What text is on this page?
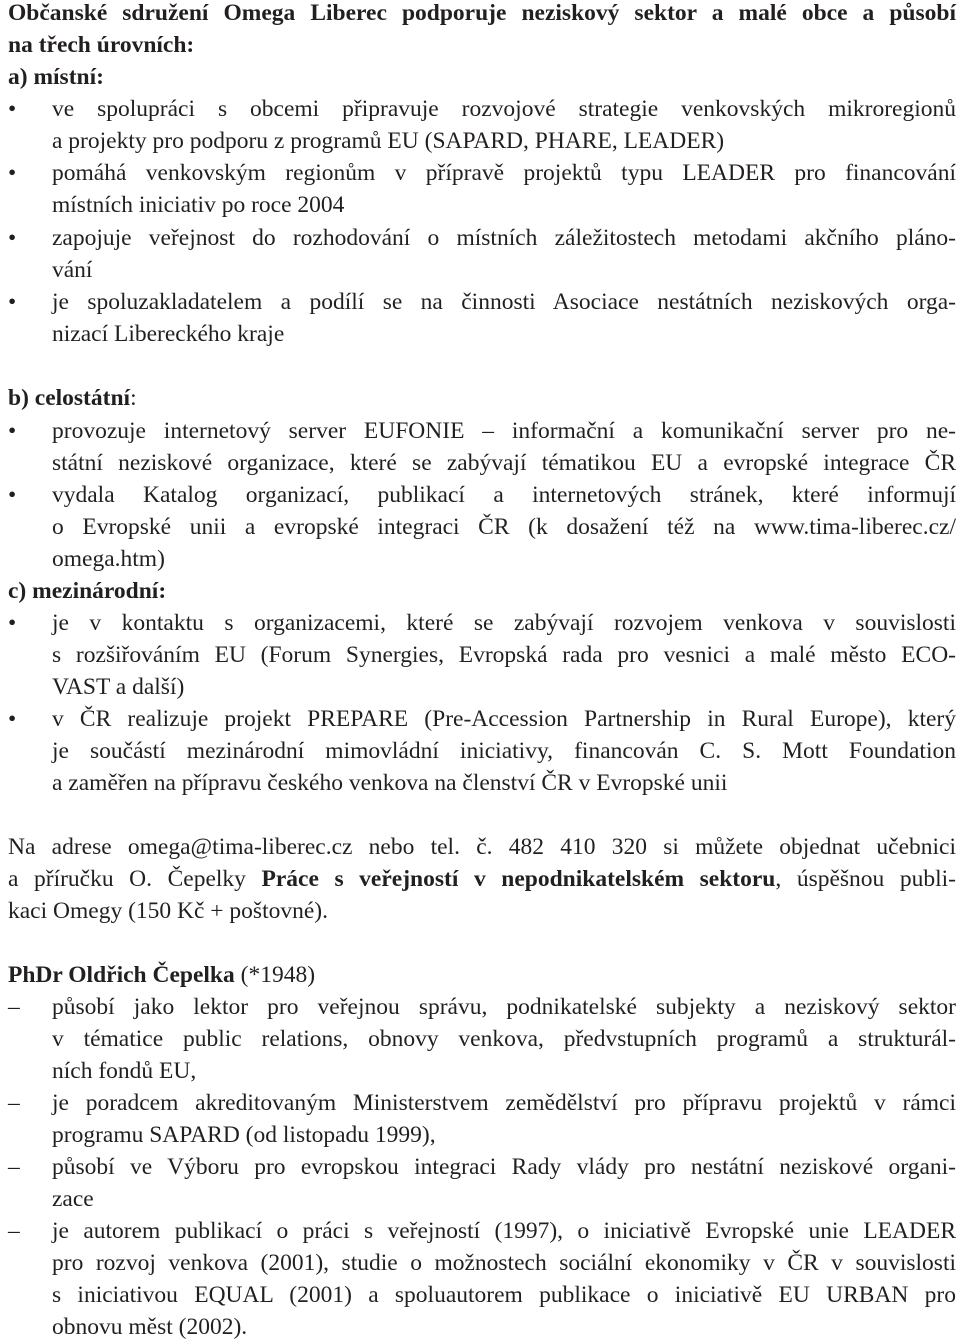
Občanské sdružení Omega Liberec podporuje neziskový sektor a malé obce a působí
na třech úrovních:
a) místní:
•	ve spolupráci s obcemi připravuje rozvojové strategie venkovských mikroregionů
a projekty pro podporu z programů EU (SAPARD, PHARE, LEADER)
•	pomáhá venkovským regionům v přípravě projektů typu LEADER pro financování
místních iniciativ po roce 2004
•	zapojuje veřejnost do rozhodování o místních záležitostech metodami akčního pláno-
vání
•	je spoluzakladatelem a podílí se na činnosti Asociace nestátních neziskových orga-
nizací Libereckého kraje
b) celostátní:
•	provozuje internetový server EUFONIE – informační a komunikační server pro ne-
státní neziskové organizace, které se zabývají tématikou EU a evropské integrace ČR
•	vydala Katalog organizací, publikací a internetových stránek, které informují
o Evropské unii a evropské integraci ČR (k dosažení též na www.tima-liberec.cz/
omega.htm)
c) mezinárodní:
•	je v kontaktu s organizacemi, které se zabývají rozvojem venkova v souvislosti
s rozšiřováním EU (Forum Synergies, Evropská rada pro vesnici a malé město ECO-
VAST a další)
•	v ČR realizuje projekt PREPARE (Pre-Accession Partnership in Rural Europe), který
je součástí mezinárodní mimovládní iniciativy, financován C. S. Mott Foundation
a zaměřen na přípravu českého venkova na členství ČR v Evropské unii
Na adrese omega@tima-liberec.cz nebo tel. č. 482 410 320 si můžete objednat učebnici
a příručku O. Čepelky Práce s veřejností v nepodnikatelském sektoru, úspěšnou publi-
kaci Omegy (150 Kč + poštovné).
PhDr Oldřich Čepelka (*1948)
–	působí jako lektor pro veřejnou správu, podnikatelské subjekty a neziskový sektor
v tématice public relations, obnovy venkova, předvstupních programů a strukturál-
ních fondů EU,
–	je poradcem akreditovaným Ministerstvem zemědělství pro přípravu projektů v rámci
programu SAPARD (od listopadu 1999),
–	působí ve Výboru pro evropskou integraci Rady vlády pro nestátní neziskové organi-
zace
–	je autorem publikací o práci s veřejností (1997), o iniciativě Evropské unie LEADER
pro rozvoj venkova (2001), studie o možnostech sociální ekonomiky v ČR v souvislosti
s iniciativou EQUAL (2001) a spoluautorem publikace o iniciativě EU URBAN pro
obnovu měst (2002).
